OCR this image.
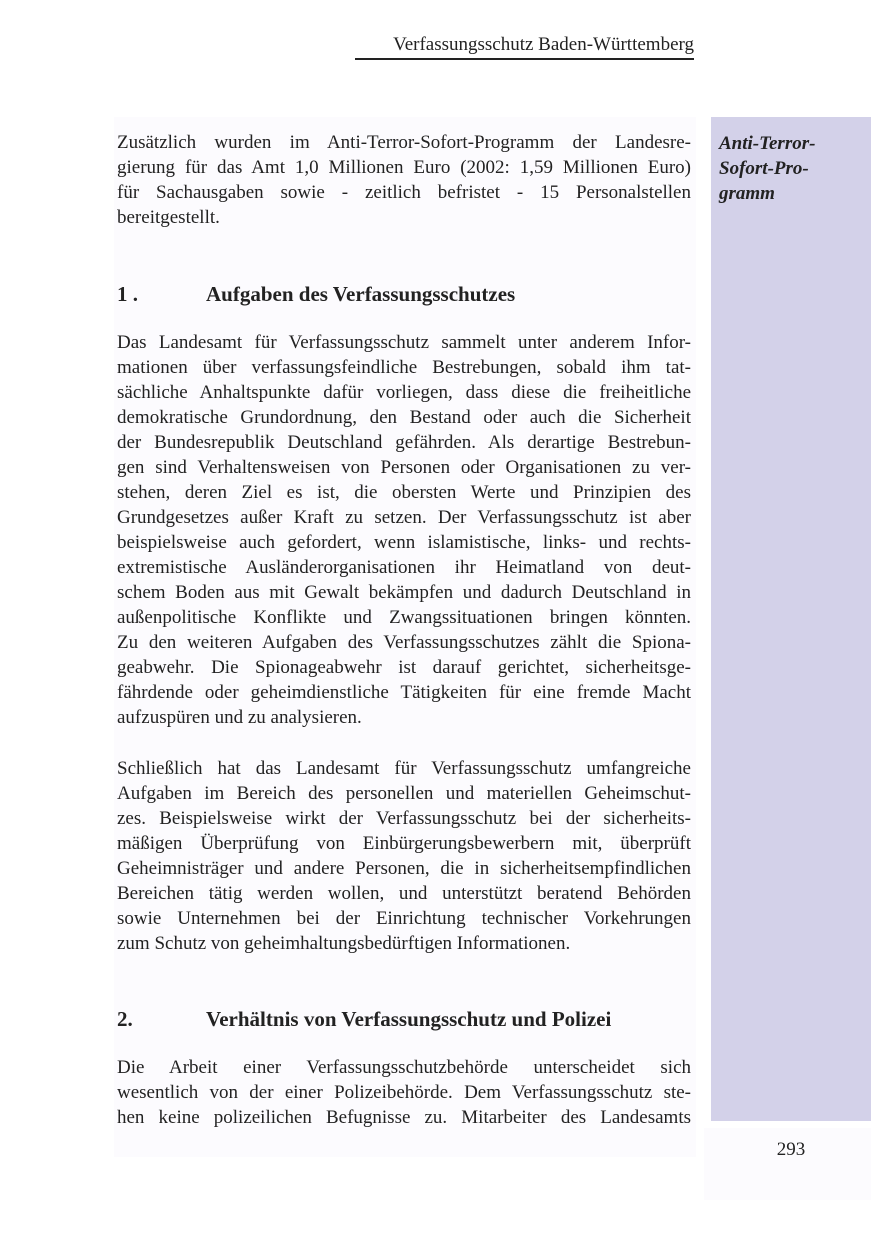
Verfassungsschutz Baden-Württemberg
Anti-Terror-
Sofort-Pro-
gramm

Zusätzlich wurden im Anti-Terror-Sofort-Programm der Landesre-

gierung für das Amt 1,0 Millionen Euro (2002: 1,59 Millionen Euro)

für Sachausgaben sowie - zeitlich befristet - 15 Personalstellen

bereitgestellt.

1 .	Aufgaben des Verfassungsschutzes

Das Landesamt für Verfassungsschutz sammelt unter anderem Infor-

mationen über verfassungsfeindliche Bestrebungen, sobald ihm tat-

sächliche Anhaltspunkte dafür vorliegen, dass diese die freiheitliche

demokratische Grundordnung, den Bestand oder auch die Sicherheit

der Bundesrepublik Deutschland gefährden. Als derartige Bestrebun-

gen sind Verhaltensweisen von Personen oder Organisationen zu ver-

stehen, deren Ziel es ist, die obersten Werte und Prinzipien des

Grundgesetzes außer Kraft zu setzen. Der Verfassungsschutz ist aber

beispielsweise auch gefordert, wenn islamistische, links- und rechts-

extremistische Ausländerorganisationen ihr Heimatland von deut-

schem Boden aus mit Gewalt bekämpfen und dadurch Deutschland in

außenpolitische Konflikte und Zwangssituationen bringen könnten.

Zu den weiteren Aufgaben des Verfassungsschutzes zählt die Spiona-

geabwehr. Die Spionageabwehr ist darauf gerichtet, sicherheitsge-

fährdende oder geheimdienstliche Tätigkeiten für eine fremde Macht

aufzuspüren und zu analysieren.

Schließlich hat das Landesamt für Verfassungsschutz umfangreiche

Aufgaben im Bereich des personellen und materiellen Geheimschut-

zes. Beispielsweise wirkt der Verfassungsschutz bei der sicherheits-

mäßigen Überprüfung von Einbürgerungsbewerbern mit, überprüft

Geheimnisträger und andere Personen, die in sicherheitsempfindlichen

Bereichen tätig werden wollen, und unterstützt beratend Behörden

sowie Unternehmen bei der Einrichtung technischer Vorkehrungen

zum Schutz von geheimhaltungsbedürftigen Informationen.

2.	Verhältnis von Verfassungsschutz und Polizei

Die Arbeit einer Verfassungsschutzbehörde unterscheidet sich

wesentlich von der einer Polizeibehörde. Dem Verfassungsschutz ste-

hen keine polizeilichen Befugnisse zu. Mitarbeiter des Landesamts

293
